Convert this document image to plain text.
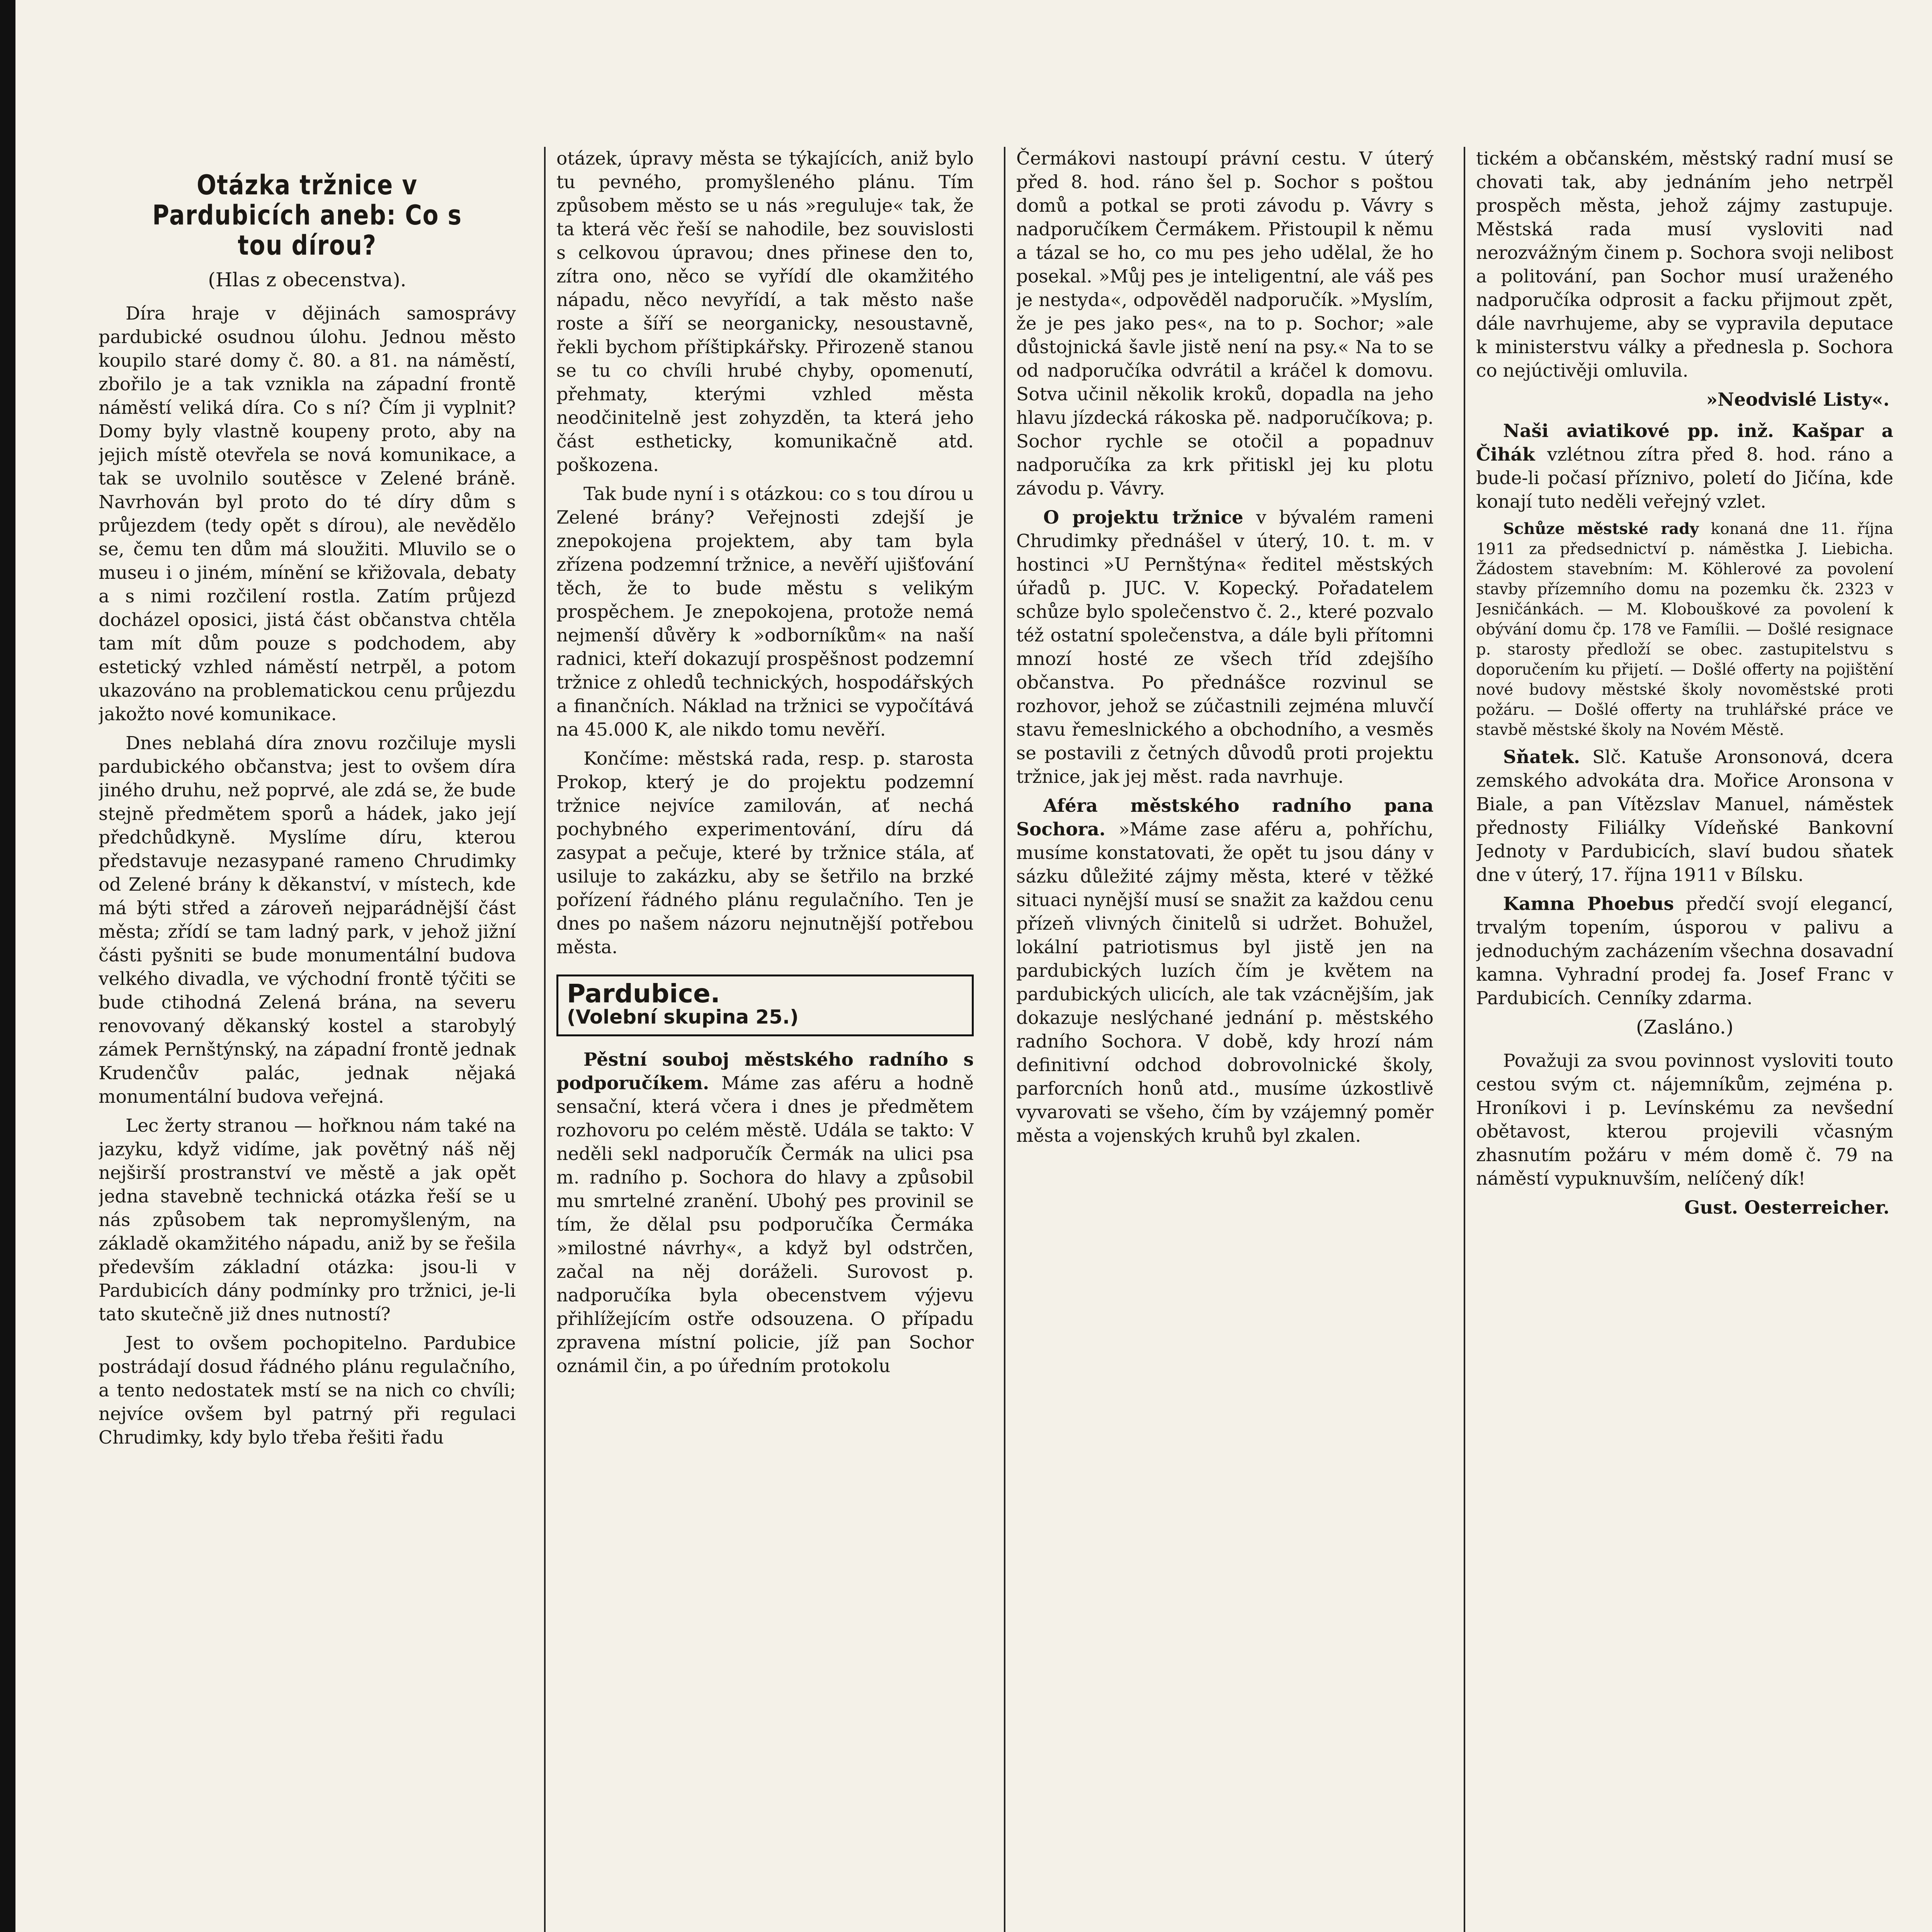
Otázka tržnice v Pardubicích aneb: Co s tou dírou?
(Hlas z obecenstva).

Díra hraje v dějinách samosprávy pardubické osudnou úlohu. Jednou město koupilo staré domy č. 80. a 81. na náměstí, zbořilo je a tak vznikla na západní frontě náměstí veliká díra. Co s ní? Čím ji vyplnit? Domy byly vlastně koupeny proto, aby na jejich místě otevřela se nová komunikace, a tak se uvolnilo soutěsce v Zelené bráně. Navrhován byl proto do té díry dům s průjezdem (tedy opět s dírou), ale nevědělo se, čemu ten dům má sloužiti. Mluvilo se o museu i o jiném, mínění se křižovala, debaty a s nimi rozčilení rostla. Zatím průjezd docházel oposici, jistá část občanstva chtěla tam mít dům pouze s podchodem, aby estetický vzhled náměstí netrpěl, a potom ukazováno na problematickou cenu průjezdu jakožto nové komunikace.

Dnes neblahá díra znovu rozčiluje mysli pardubického občanstva; jest to ovšem díra jiného druhu, než poprvé, ale zdá se, že bude stejně předmětem sporů a hádek, jako její předchůdkyně. Myslíme díru, kterou představuje nezasypané rameno Chrudimky od Zelené brány k děkanství, v místech, kde má býti střed a zároveň nejparádnější část města; zřídí se tam ladný park, v jehož jižní části pyšniti se bude monumentální budova velkého divadla, ve východní frontě týčiti se bude ctihodná Zelená brána, na severu renovovaný děkanský kostel a starobylý zámek Pernštýnský, na západní frontě jednak Krudenčův palác, jednak nějaká monumentální budova veřejná.

Lec žerty stranou — hořknou nám také na jazyku, když vidíme, jak povětný náš něj nejširší prostranství ve městě a jak opět jedna stavebně technická otázka řeší se u nás způsobem tak nepromyšleným, na základě okamžitého nápadu, aniž by se řešila především základní otázka: jsou-li v Pardubicích dány podmínky pro tržnici, je-li tato skutečně již dnes nutností?

Jest to ovšem pochopitelno. Pardubice postrádají dosud řádného plánu regulačního, a tento nedostatek mstí se na nich co chvíli; nejvíce ovšem byl patrný při regulaci Chrudimky, kdy bylo třeba řešiti řadu

otázek, úpravy města se týkajících, aniž bylo tu pevného, promyšleného plánu. Tím způsobem město se u nás »reguluje« tak, že ta která věc řeší se nahodile, bez souvislosti s celkovou úpravou; dnes přinese den to, zítra ono, něco se vyřídí dle okamžitého nápadu, něco nevyřídí, a tak město naše roste a šíří se neorganicky, nesoustavně, řekli bychom příštipkářsky. Přirozeně stanou se tu co chvíli hrubé chyby, opomenutí, přehmaty, kterými vzhled města neodčinitelně jest zohyzděn, ta která jeho část estheticky, komunikačně atd. poškozena.

Tak bude nyní i s otázkou: co s tou dírou u Zelené brány? Veřejnosti zdejší je znepokojena projektem, aby tam byla zřízena podzemní tržnice, a nevěří ujišťování těch, že to bude městu s velikým prospěchem. Je znepokojena, protože nemá nejmenší důvěry k »odborníkům« na naší radnici, kteří dokazují prospěšnost podzemní tržnice z ohledů technických, hospodářských a finančních. Náklad na tržnici se vypočítává na 45.000 K, ale nikdo tomu nevěří.

Končíme: městská rada, resp. p. starosta Prokop, který je do projektu podzemní tržnice nejvíce zamilován, ať nechá pochybného experimentování, díru dá zasypat a pečuje, které by tržnice stála, ať usiluje to zakázku, aby se šetřilo na brzké pořízení řádného plánu regulačního. Ten je dnes po našem názoru nejnutnější potřebou města.

Pardubice.
(Volební skupina 25.)

Pěstní souboj městského radního s podporučíkem. Máme zas aféru a hodně sensační, která včera i dnes je předmětem rozhovoru po celém městě. Udála se takto: V neděli sekl nadporučík Čermák na ulici psa m. radního p. Sochora do hlavy a způsobil mu smrtelné zranění. Ubohý pes provinil se tím, že dělal psu podporučíka Čermáka »milostné návrhy«, a když byl odstrčen, začal na něj doráželi. Surovost p. nadporučíka byla obecenstvem výjevu přihlížejícím ostře odsouzena. O případu zpravena místní policie, jíž pan Sochor oznámil čin, a po úředním protokolu

Čermákovi nastoupí právní cestu. V úterý před 8. hod. ráno šel p. Sochor s poštou domů a potkal se proti závodu p. Vávry s nadporučíkem Čermákem. Přistoupil k němu a tázal se ho, co mu pes jeho udělal, že ho posekal. »Můj pes je inteligentní, ale váš pes je nestyda«, odpověděl nadporučík. »Myslím, že je pes jako pes«, na to p. Sochor; »ale důstojnická šavle jistě není na psy.« Na to se od nadporučíka odvrátil a kráčel k domovu. Sotva učinil několik kroků, dopadla na jeho hlavu jízdecká rákoska pě. nadporučíkova; p. Sochor rychle se otočil a popadnuv nadporučíka za krk přitiskl jej ku plotu závodu p. Vávry.

O projektu tržnice v bývalém rameni Chrudimky přednášel v úterý, 10. t. m. v hostinci »U Pernštýna« ředitel městských úřadů p. JUC. V. Kopecký. Pořadatelem schůze bylo společenstvo č. 2., které pozvalo též ostatní společenstva, a dále byli přítomni mnozí hosté ze všech tříd zdejšího občanstva. Po přednášce rozvinul se rozhovor, jehož se zúčastnili zejména mluvčí stavu řemeslnického a obchodního, a vesměs se postavili z četných důvodů proti projektu tržnice, jak jej měst. rada navrhuje.

Aféra městského radního pana Sochora. »Máme zase aféru a, pohříchu, musíme konstatovati, že opět tu jsou dány v sázku důležité zájmy města, které v těžké situaci nynější musí se snažit za každou cenu přízeň vlivných činitelů si udržet. Bohužel, lokální patriotismus byl jistě jen na pardubických luzích čím je květem na pardubických ulicích, ale tak vzácnějším, jak dokazuje neslýchané jednání p. městského radního Sochora. V době, kdy hrozí nám definitivní odchod dobrovolnické školy, parforcních honů atd., musíme úzkostlivě vyvarovati se všeho, čím by vzájemný poměr města a vojenských kruhů byl zkalen.

tickém a občanském, městský radní musí se chovati tak, aby jednáním jeho netrpěl prospěch města, jehož zájmy zastupuje. Městská rada musí vysloviti nad nerozvážným činem p. Sochora svoji nelibost a politování, pan Sochor musí uraženého nadporučíka odprosit a facku přijmout zpět, dále navrhujeme, aby se vypravila deputace k ministerstvu války a přednesla p. Sochora co nejúctivěji omluvila.

»Neodvislé Listy«.

Naši aviatikové pp. inž. Kašpar a Čihák vzlétnou zítra před 8. hod. ráno a bude-li počasí příznivo, poletí do Jičína, kde konají tuto neděli veřejný vzlet.

Schůze městské rady konaná dne 11. října 1911 za předsednictví p. náměstka J. Liebicha. Žádostem stavebním: M. Köhlerové za povolení stavby přízemního domu na pozemku čk. 2323 v Jesničánkách. — M. Klobouškové za povolení k obývání domu čp. 178 ve Famílii. — Došlé resignace p. starosty předloží se obec. zastupitelstvu s doporučením ku přijetí. — Došlé offerty na pojištění nové budovy městské školy novoměstské proti požáru. — Došlé offerty na truhlářské práce ve stavbě městské školy na Novém Městě.

Sňatek. Slč. Katuše Aronsonová, dcera zemského advokáta dra. Mořice Aronsona v Biale, a pan Vítězslav Manuel, náměstek přednosty Filiálky Vídeňské Bankovní Jednoty v Pardubicích, slaví budou sňatek dne v úterý, 17. října 1911 v Bílsku.

Kamna Phoebus předčí svojí elegancí, trvalým topením, úsporou v palivu a jednoduchým zacházením všechna dosavadní kamna. Vyhradní prodej fa. Josef Franc v Pardubicích. Cenníky zdarma.

(Zasláno.)

Považuji za svou povinnost vysloviti touto cestou svým ct. nájemníkům, zejména p. Hroníkovi i p. Levínskému za nevšední obětavost, kterou projevili včasným zhasnutím požáru v mém domě č. 79 na náměstí vypuknuvším, nelíčený dík!

Gust. Oesterreicher.
